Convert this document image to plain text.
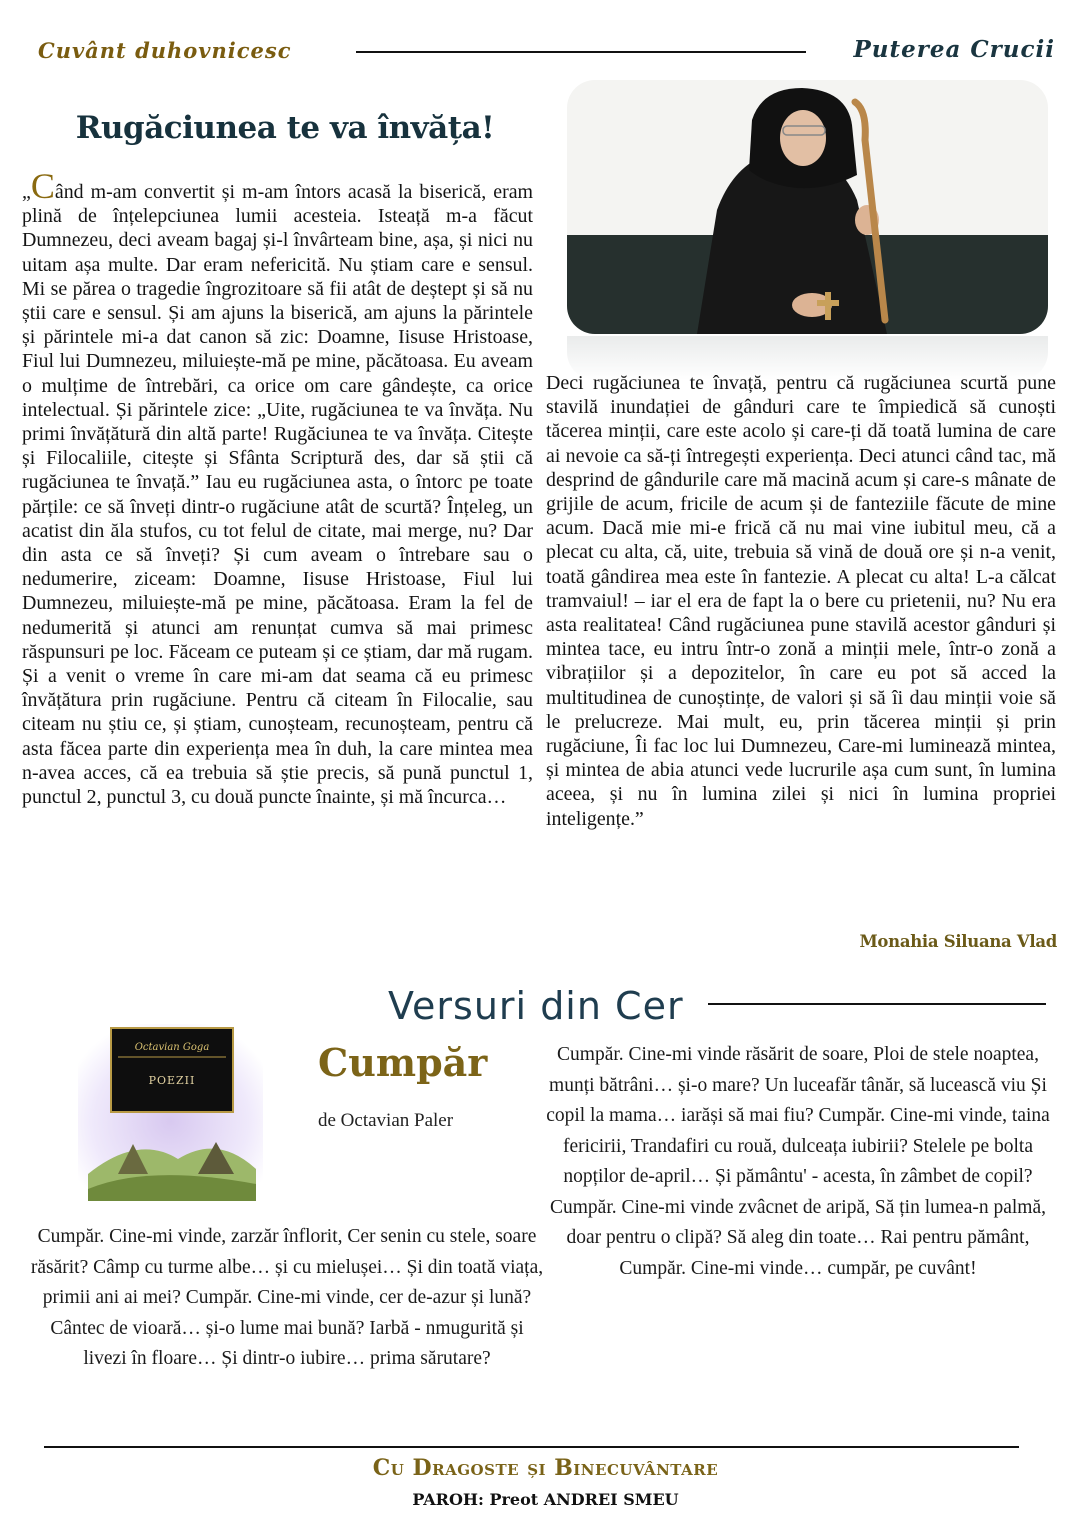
Cuvânt duhovnicesc	Puterea Crucii
Rugăciunea te va învăța!
„Când m-am convertit și m-am întors acasă la biserică, eram plină de înțelepciunea lumii acesteia. Isteață m-a făcut Dumnezeu, deci aveam bagaj și-l învârteam bine, așa, și nici nu uitam așa multe. Dar eram nefericită. Nu știam care e sensul. Mi se părea o tragedie îngrozitoare să fii atât de deștept și să nu știi care e sensul. Și am ajuns la biserică, am ajuns la părintele și părintele mi-a dat canon să zic: Doamne, Iisuse Hristoase, Fiul lui Dumnezeu, miluiește-mă pe mine, păcătoasa. Eu aveam o mulțime de întrebări, ca orice om care gândește, ca orice intelectual. Și părintele zice: „Uite, rugăciunea te va învăța. Nu primi învățătură din altă parte! Rugăciunea te va învăța. Citește și Filocaliile, citește și Sfânta Scriptură des, dar să știi că rugăciunea te învață.” Iau eu rugăciunea asta, o întorc pe toate părțile: ce să înveți dintr-o rugăciune atât de scurtă? Înțeleg, un acatist din ăla stufos, cu tot felul de citate, mai merge, nu? Dar din asta ce să înveți? Și cum aveam o întrebare sau o nedumerire, ziceam: Doamne, Iisuse Hristoase, Fiul lui Dumnezeu, miluiește-mă pe mine, păcătoasa. Eram la fel de nedumerită și atunci am renunțat cumva să mai primesc răspunsuri pe loc. Făceam ce puteam și ce știam, dar mă rugam. Și a venit o vreme în care mi-am dat seama că eu primesc învățătura prin rugăciune. Pentru că citeam în Filocalie, sau citeam nu știu ce, și știam, cunoșteam, recunoșteam, pentru că asta făcea parte din experiența mea în duh, la care mintea mea n-avea acces, că ea trebuia să știe precis, să pună punctul 1, punctul 2, punctul 3, cu două puncte înainte, și mă încurca…
Deci rugăciunea te învață, pentru că rugăciunea scurtă pune stavilă inundației de gânduri care te împiedică să cunoști tăcerea minții, care este acolo și care-ți dă toată lumina de care ai nevoie ca să-ți întregești experiența. Deci atunci când tac, mă desprind de gândurile care mă macină acum și care-s mânate de grijile de acum, fricile de acum și de fanteziile făcute de mine acum. Dacă mie mi-e frică că nu mai vine iubitul meu, că a plecat cu alta, că, uite, trebuia să vină de două ore și n-a venit, toată gândirea mea este în fantezie. A plecat cu alta! L-a călcat tramvaiul! – iar el era de fapt la o bere cu prietenii, nu? Nu era asta realitatea! Când rugăciunea pune stavilă acestor gânduri și mintea tace, eu intru într-o zonă a minții mele, într-o zonă a vibrațiilor și a depozitelor, în care eu pot să acced la multitudinea de cunoștințe, de valori și să îi dau minții voie să le prelucreze. Mai mult, eu, prin tăcerea minții și prin rugăciune, Îi fac loc lui Dumnezeu, Care-mi luminează mintea, și mintea de abia atunci vede lucrurile așa cum sunt, în lumina aceea, și nu în lumina zilei și nici în lumina propriei inteligențe.”
Monahia Siluana Vlad
Versuri din Cer
Octavian Goga
POEZII	Cumpăr
de Octavian Paler
Cumpăr. Cine-mi vinde, zarzăr înflorit, Cer senin cu stele, soare răsărit? Câmp cu turme albe… și cu mielușei… Și din toată viața, primii ani ai mei? Cumpăr. Cine-mi vinde, cer de-azur și lună? Cântec de vioară… și-o lume mai bună? Iarbă - nmugurită și livezi în floare… Și dintr-o iubire… prima sărutare?
Cumpăr. Cine-mi vinde răsărit de soare, Ploi de stele noaptea, munți bătrâni… și-o mare? Un luceafăr tânăr, să lucească viu Și copil la mama… iarăși să mai fiu? Cumpăr. Cine-mi vinde, taina fericirii, Trandafiri cu rouă, dulceața iubirii? Stelele pe bolta nopților de-april… Și pământu' - acesta, în zâmbet de copil? Cumpăr. Cine-mi vinde zvâcnet de aripă, Să țin lumea-n palmă, doar pentru o clipă? Să aleg din toate… Rai pentru pământ, Cumpăr. Cine-mi vinde… cumpăr, pe cuvânt!
Cu Dragoste și Binecuvântare
PAROH: Preot ANDREI SMEU
